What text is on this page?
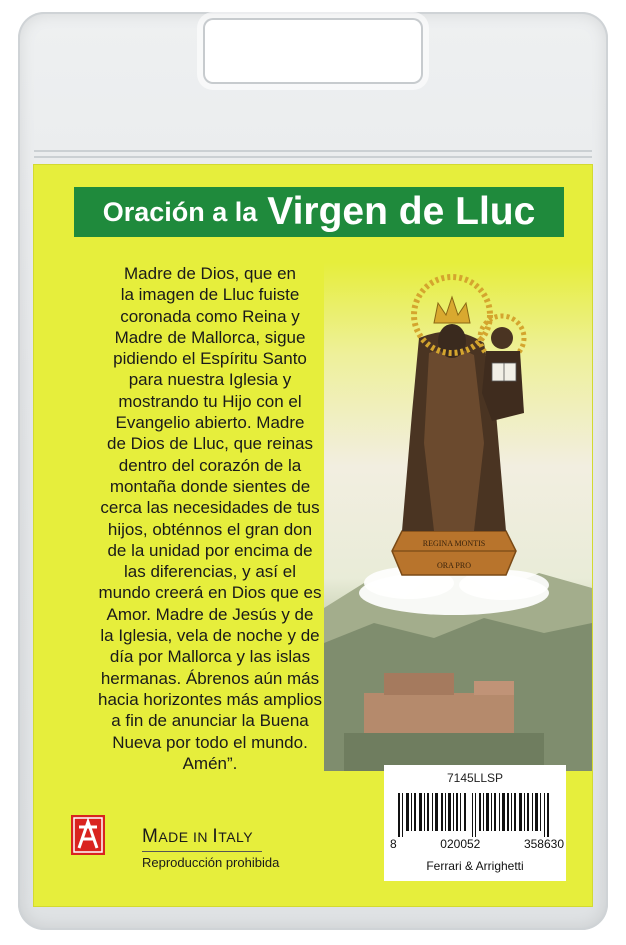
Oración a la Virgen de Lluc

Madre de Dios, que en
la imagen de Lluc fuiste
coronada como Reina y
Madre de Mallorca, sigue
pidiendo el Espíritu Santo
para nuestra Iglesia y
mostrando tu Hijo con el
Evangelio abierto. Madre
de Dios de Lluc, que reinas
dentro del corazón de la
montaña donde sientes de
cerca las necesidades de tus
hijos, obténnos el gran don
de la unidad por encima de
las diferencias, y así el
mundo creerá en Dios que es
Amor. Madre de Jesús y de
la Iglesia, vela de noche y de
día por Mallorca y las islas
hermanas. Ábrenos aún más
hacia horizontes más amplios
a fin de anunciar la Buena
Nueva por todo el mundo.
Amén”.

REGINA MONTIS
ORA PRO
7145LLSP
8	020052	358630
Ferrari & Arrighetti
MADE IN ITALY
Reproducción prohibida
